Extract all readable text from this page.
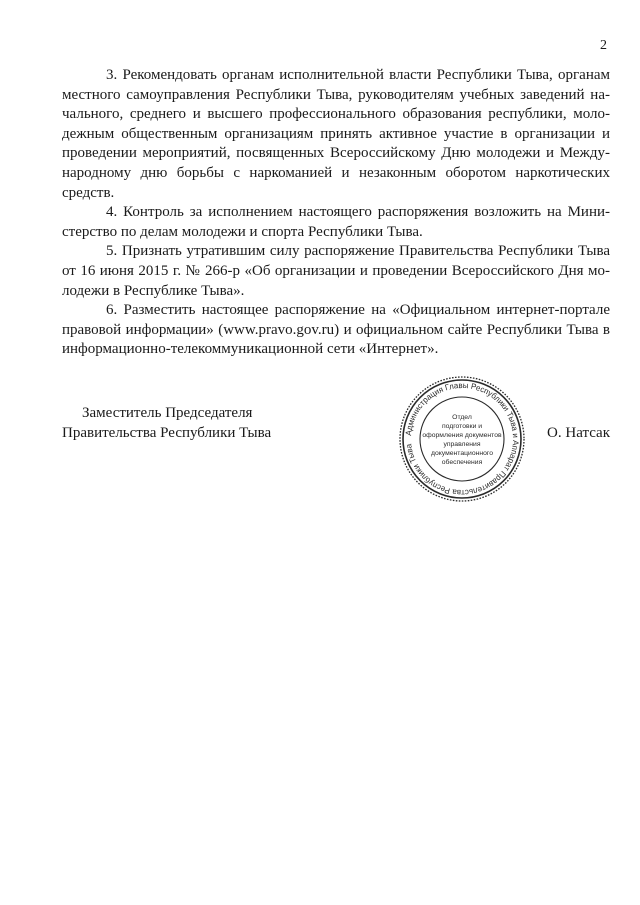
2

3. Рекомендовать органам исполнительной власти Республики Тыва, органам местного самоуправления Республики Тыва, руководителям учебных заведений начального, среднего и высшего профессионального образования республики, молодежным общественным организациям принять активное участие в организации и проведении мероприятий, посвященных Всероссийскому Дню молодежи и Международному дню борьбы с наркоманией и незаконным оборотом наркотических средств.

4. Контроль за исполнением настоящего распоряжения возложить на Министерство по делам молодежи и спорта Республики Тыва.

5. Признать утратившим силу распоряжение Правительства Республики Тыва от 16 июня 2015 г. № 266-р «Об организации и проведении Всероссийского Дня молодежи в Республике Тыва».

6. Разместить настоящее распоряжение на «Официальном интернет-портале правовой информации» (www.pravo.gov.ru) и официальном сайте Республики Тыва в информационно-телекоммуникационной сети «Интернет».

Заместитель Председателя
Правительства Республики Тыва	Администрация Главы Республики Тыва и Аппарат Правительства Республики Тыва
Отдел
подготовки и
оформления документов
управления
документационного
обеспечения
О. Натсак
